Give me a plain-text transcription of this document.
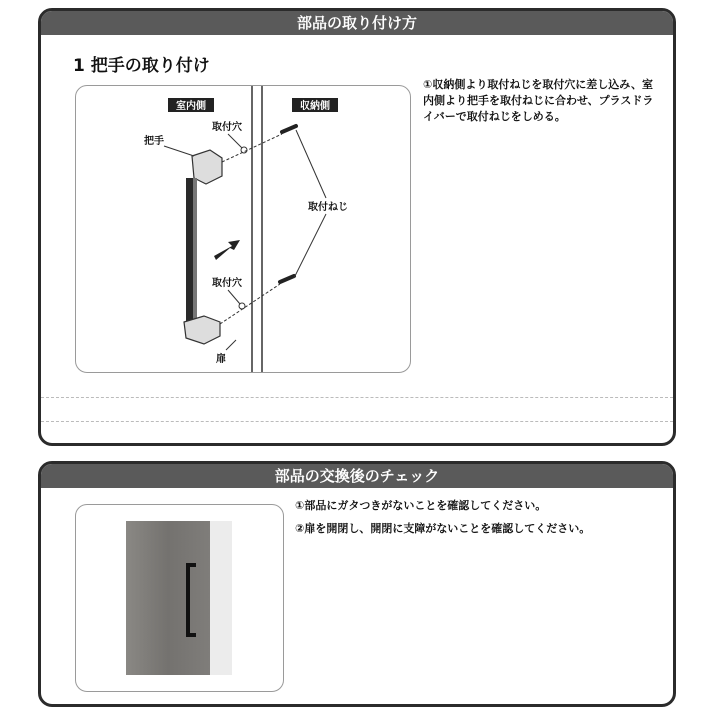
部品の取り付け方
1 把手の取り付け
室内側	収納側
取付穴
取付穴
把手
取付ねじ
扉
①収納側より取付ねじを取付穴に差し込み、室内側より把手を取付ねじに合わせ、プラスドライバーで取付ねじをしめる。
部品の交換後のチェック
①部品にガタつきがないことを確認してください。
②扉を開閉し、開閉に支障がないことを確認してください。
